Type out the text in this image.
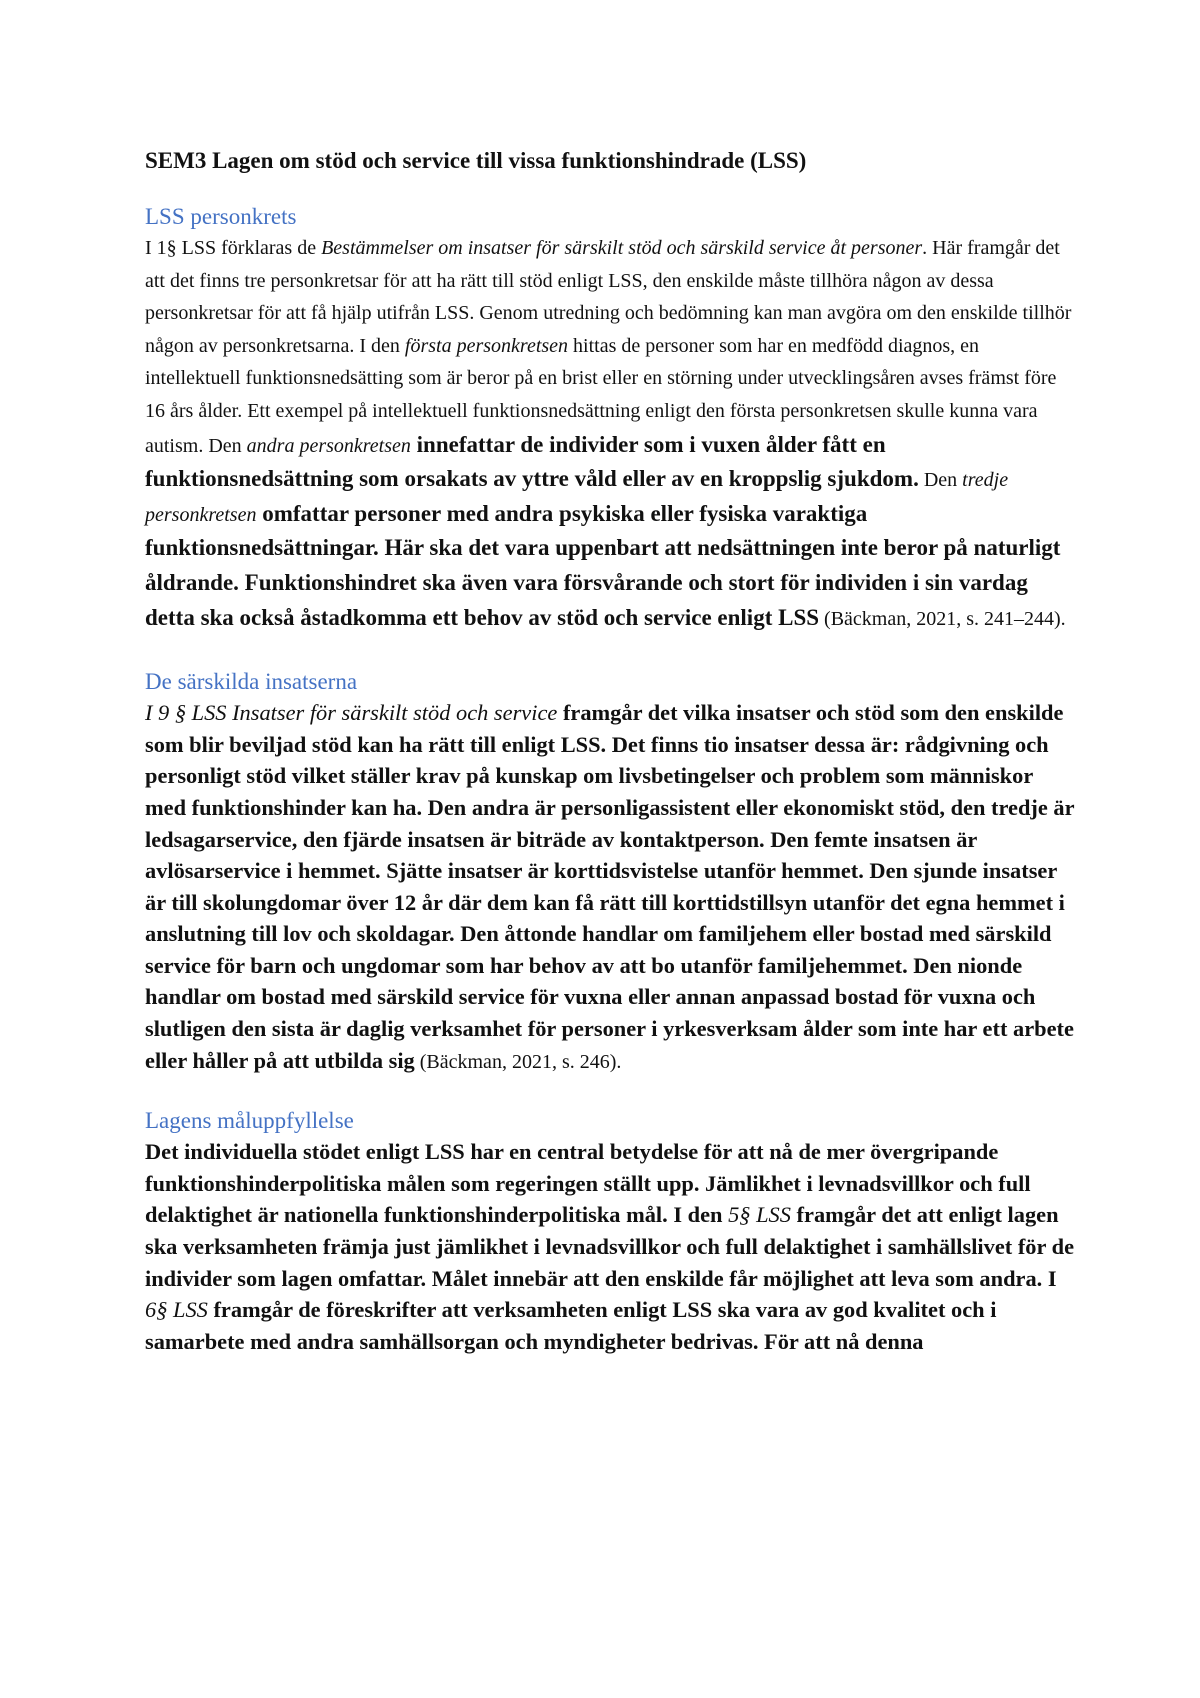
SEM3 Lagen om stöd och service till vissa funktionshindrade (LSS)
LSS personkrets

I 1§ LSS förklaras de Bestämmelser om insatser för särskilt stöd och särskild service åt personer. Här framgår det att det finns tre personkretsar för att ha rätt till stöd enligt LSS, den enskilde måste tillhöra någon av dessa personkretsar för att få hjälp utifrån LSS. Genom utredning och bedömning kan man avgöra om den enskilde tillhör någon av personkretsarna. I den första personkretsen hittas de personer som har en medfödd diagnos, en intellektuell funktionsnedsätting som är beror på en brist eller en störning under utvecklingsåren avses främst före 16 års ålder. Ett exempel på intellektuell funktionsnedsättning enligt den första personkretsen skulle kunna vara autism. Den andra personkretsen innefattar de individer som i vuxen ålder fått en funktionsnedsättning som orsakats av yttre våld eller av en kroppslig sjukdom. Den tredje personkretsen omfattar personer med andra psykiska eller fysiska varaktiga funktionsnedsättningar. Här ska det vara uppenbart att nedsättningen inte beror på naturligt åldrande. Funktionshindret ska även vara försvårande och stort för individen i sin vardag detta ska också åstadkomma ett behov av stöd och service enligt LSS (Bäckman, 2021, s. 241–244).

De särskilda insatserna

I 9 § LSS Insatser för särskilt stöd och service framgår det vilka insatser och stöd som den enskilde som blir beviljad stöd kan ha rätt till enligt LSS. Det finns tio insatser dessa är: rådgivning och personligt stöd vilket ställer krav på kunskap om livsbetingelser och problem som människor med funktionshinder kan ha. Den andra är personligassistent eller ekonomiskt stöd, den tredje är ledsagarservice, den fjärde insatsen är biträde av kontaktperson. Den femte insatsen är avlösarservice i hemmet. Sjätte insatser är korttidsvistelse utanför hemmet. Den sjunde insatser är till skolungdomar över 12 år där dem kan få rätt till korttidstillsyn utanför det egna hemmet i anslutning till lov och skoldagar. Den åttonde handlar om familjehem eller bostad med särskild service för barn och ungdomar som har behov av att bo utanför familjehemmet. Den nionde handlar om bostad med särskild service för vuxna eller annan anpassad bostad för vuxna och slutligen den sista är daglig verksamhet för personer i yrkesverksam ålder som inte har ett arbete eller håller på att utbilda sig (Bäckman, 2021, s. 246).

Lagens måluppfyllelse

Det individuella stödet enligt LSS har en central betydelse för att nå de mer övergripande funktionshinderpolitiska målen som regeringen ställt upp. Jämlikhet i levnadsvillkor och full delaktighet är nationella funktionshinderpolitiska mål. I den 5§ LSS framgår det att enligt lagen ska verksamheten främja just jämlikhet i levnadsvillkor och full delaktighet i samhällslivet för de individer som lagen omfattar. Målet innebär att den enskilde får möjlighet att leva som andra. I 6§ LSS framgår de föreskrifter att verksamheten enligt LSS ska vara av god kvalitet och i samarbete med andra samhällsorgan och myndigheter bedrivas. För att nå denna
